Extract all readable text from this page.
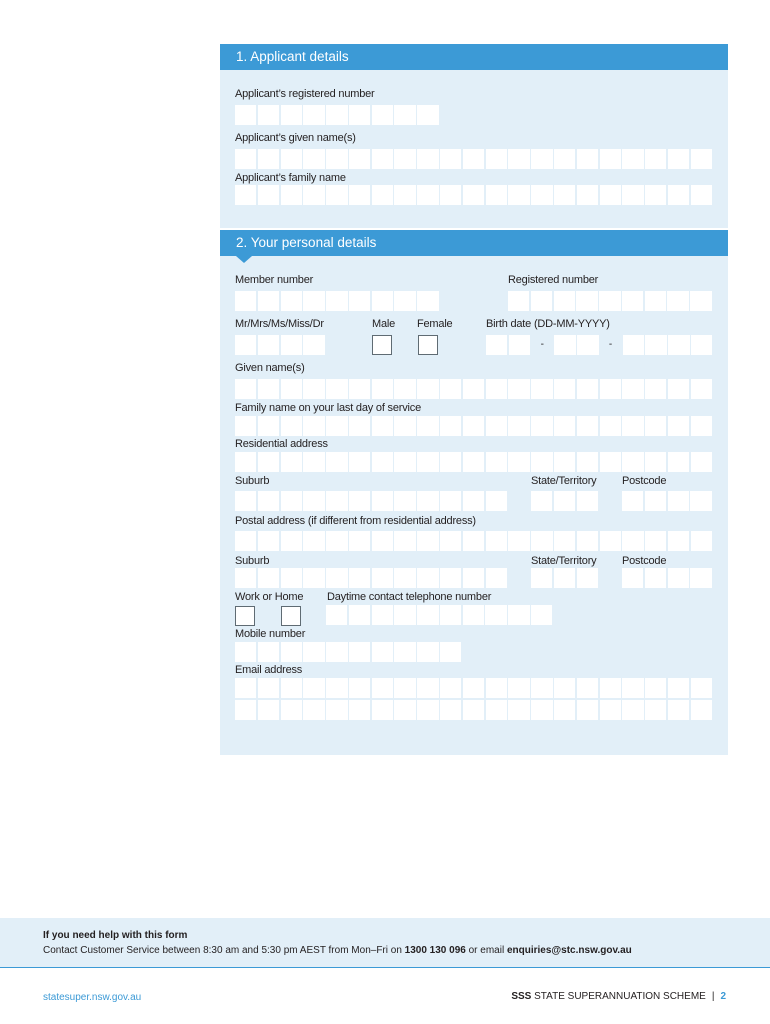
1. Applicant details
Applicant’s registered number
Applicant’s given name(s)
Applicant’s family name
2. Your personal details
Member number	Registered number
Mr/Mrs/Ms/Miss/Dr	Male Female	Birth date (DD-MM-YYYY)
-	-
Given name(s)
Family name on your last day of service
Residential address
Suburb	State/Territory Postcode
Postal address (if different from residential address)
Suburb	State/Territory Postcode
Work or Home Daytime contact telephone number
Mobile number
Email address
If you need help with this form
Contact Customer Service between 8:30 am and 5:30 pm AEST from Mon–Fri on 1300 130 096 or email enquiries@stc.nsw.gov.au
statesuper.nsw.gov.au	SSS STATE SUPERANNUATION SCHEME | 2
